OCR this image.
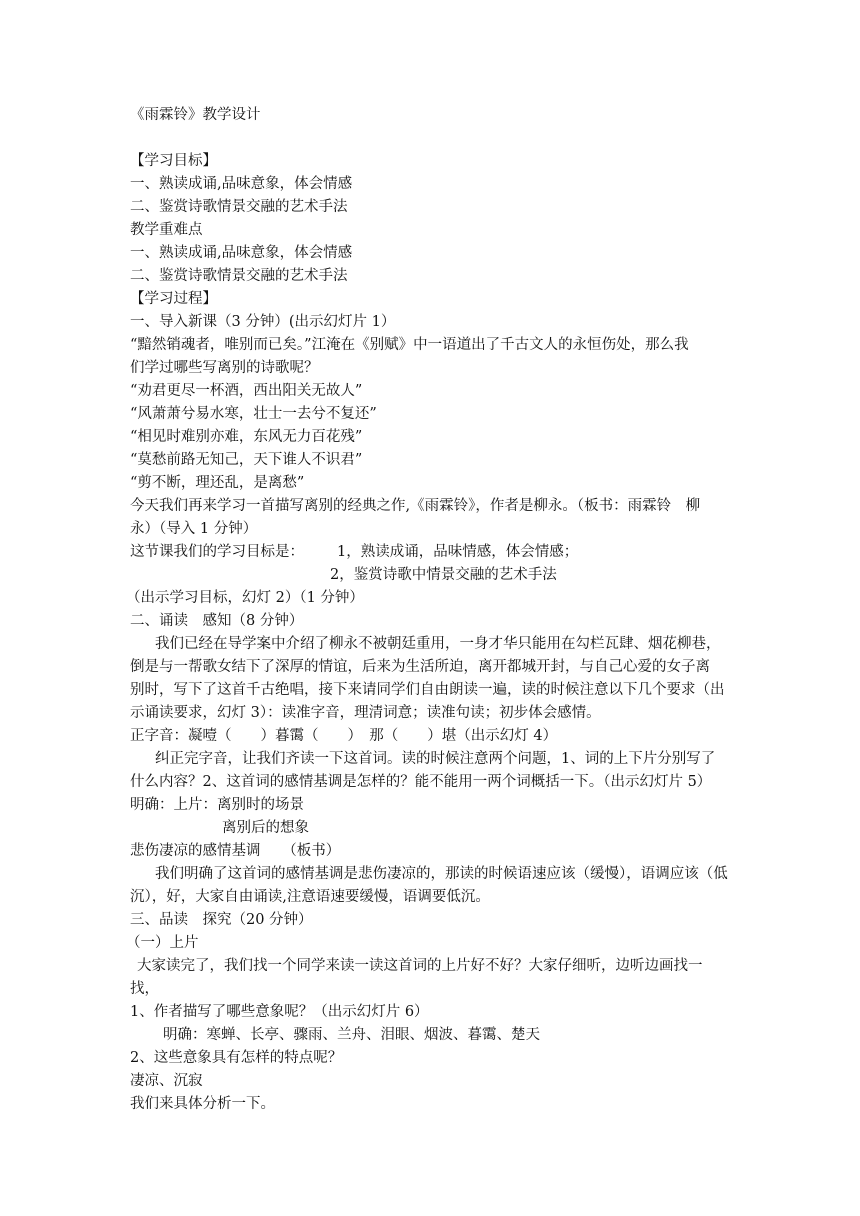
《雨霖铃》教学设计
【学习目标】
一、熟读成诵,品味意象，体会情感
二、鉴赏诗歌情景交融的艺术手法
教学重难点
一、熟读成诵,品味意象，体会情感
二、鉴赏诗歌情景交融的艺术手法
【学习过程】
一、导入新课（3 分钟）(出示幻灯片 1）
“黯然销魂者，唯别而已矣。”江淹在《别赋》中一语道出了千古文人的永恒伤处，那么我
们学过哪些写离别的诗歌呢？
“劝君更尽一杯酒，西出阳关无故人”
“风萧萧兮易水寒，壮士一去兮不复还”
“相见时难别亦难，东风无力百花残”
“莫愁前路无知己，天下谁人不识君”
“剪不断，理还乱，是离愁”
今天我们再来学习一首描写离别的经典之作,《雨霖铃》，作者是柳永。（板书：雨霖铃　柳
永）（导入 1 分钟）
这节课我们的学习目标是： 1，熟读成诵，品味情感，体会情感；
2，鉴赏诗歌中情景交融的艺术手法
（出示学习目标，幻灯 2）（1 分钟）
二、诵读　感知（8 分钟）
我们已经在导学案中介绍了柳永不被朝廷重用，一身才华只能用在勾栏瓦肆、烟花柳巷，
倒是与一帮歌女结下了深厚的情谊，后来为生活所迫，离开都城开封，与自己心爱的女子离
别时，写下了这首千古绝唱，接下来请同学们自由朗读一遍，读的时候注意以下几个要求（出
示诵读要求，幻灯 3）：读准字音，理清词意；读准句读；初步体会感情。
正字音：凝噎（　　）暮霭（　　）　那（　　）堪（出示幻灯 4）
纠正完字音，让我们齐读一下这首词。读的时候注意两个问题，1、词的上下片分别写了
什么内容？2、这首词的感情基调是怎样的？能不能用一两个词概括一下。（出示幻灯片 5）
明确：上片：离别时的场景
离别后的想象
悲伤凄凉的感情基调　　（板书）
我们明确了这首词的感情基调是悲伤凄凉的，那读的时候语速应该（缓慢），语调应该（低
沉），好，大家自由诵读,注意语速要缓慢，语调要低沉。
三、品读　探究（20 分钟）
（一）上片
大家读完了，我们找一个同学来读一读这首词的上片好不好？大家仔细听，边听边画找一
找，
1、作者描写了哪些意象呢？（出示幻灯片 6）
明确：寒蝉、长亭、骤雨、兰舟、泪眼、烟波、暮霭、楚天
2、这些意象具有怎样的特点呢？
凄凉、沉寂
我们来具体分析一下。
